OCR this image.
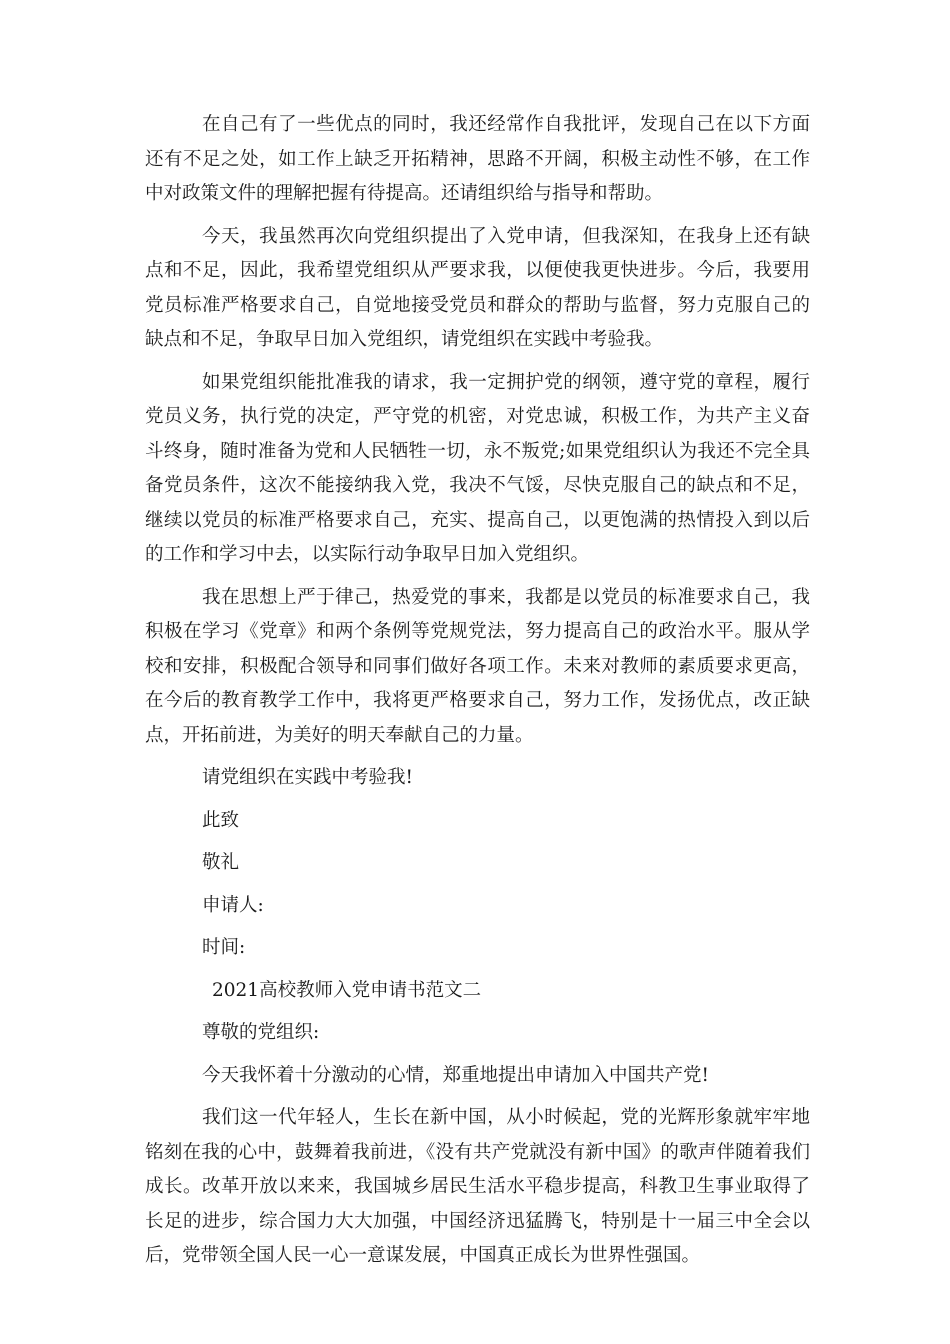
在自己有了一些优点的同时，我还经常作自我批评，发现自己在以下方面还有不足之处，如工作上缺乏开拓精神，思路不开阔，积极主动性不够，在工作中对政策文件的理解把握有待提高。还请组织给与指导和帮助。

今天，我虽然再次向党组织提出了入党申请，但我深知，在我身上还有缺点和不足，因此，我希望党组织从严要求我，以便使我更快进步。今后，我要用党员标准严格要求自己，自觉地接受党员和群众的帮助与监督，努力克服自己的缺点和不足，争取早日加入党组织，请党组织在实践中考验我。

如果党组织能批准我的请求，我一定拥护党的纲领，遵守党的章程，履行党员义务，执行党的决定，严守党的机密，对党忠诚，积极工作，为共产主义奋斗终身，随时准备为党和人民牺牲一切，永不叛党;如果党组织认为我还不完全具备党员条件，这次不能接纳我入党，我决不气馁，尽快克服自己的缺点和不足，继续以党员的标准严格要求自己，充实、提高自己，以更饱满的热情投入到以后的工作和学习中去，以实际行动争取早日加入党组织。

我在思想上严于律己，热爱党的事来，我都是以党员的标准要求自己，我积极在学习《党章》和两个条例等党规党法，努力提高自己的政治水平。服从学校和安排，积极配合领导和同事们做好各项工作。未来对教师的素质要求更高，在今后的教育教学工作中，我将更严格要求自己，努力工作，发扬优点，改正缺点，开拓前进，为美好的明天奉献自己的力量。

请党组织在实践中考验我!

此致

敬礼

申请人:

时间:

2021高校教师入党申请书范文二

尊敬的党组织:

今天我怀着十分激动的心情，郑重地提出申请加入中国共产党!

我们这一代年轻人，生长在新中国，从小时候起，党的光辉形象就牢牢地铭刻在我的心中，鼓舞着我前进，《没有共产党就没有新中国》的歌声伴随着我们成长。改革开放以来来，我国城乡居民生活水平稳步提高，科教卫生事业取得了长足的进步，综合国力大大加强，中国经济迅猛腾飞，特别是十一届三中全会以后，党带领全国人民一心一意谋发展，中国真正成长为世界性强国。
